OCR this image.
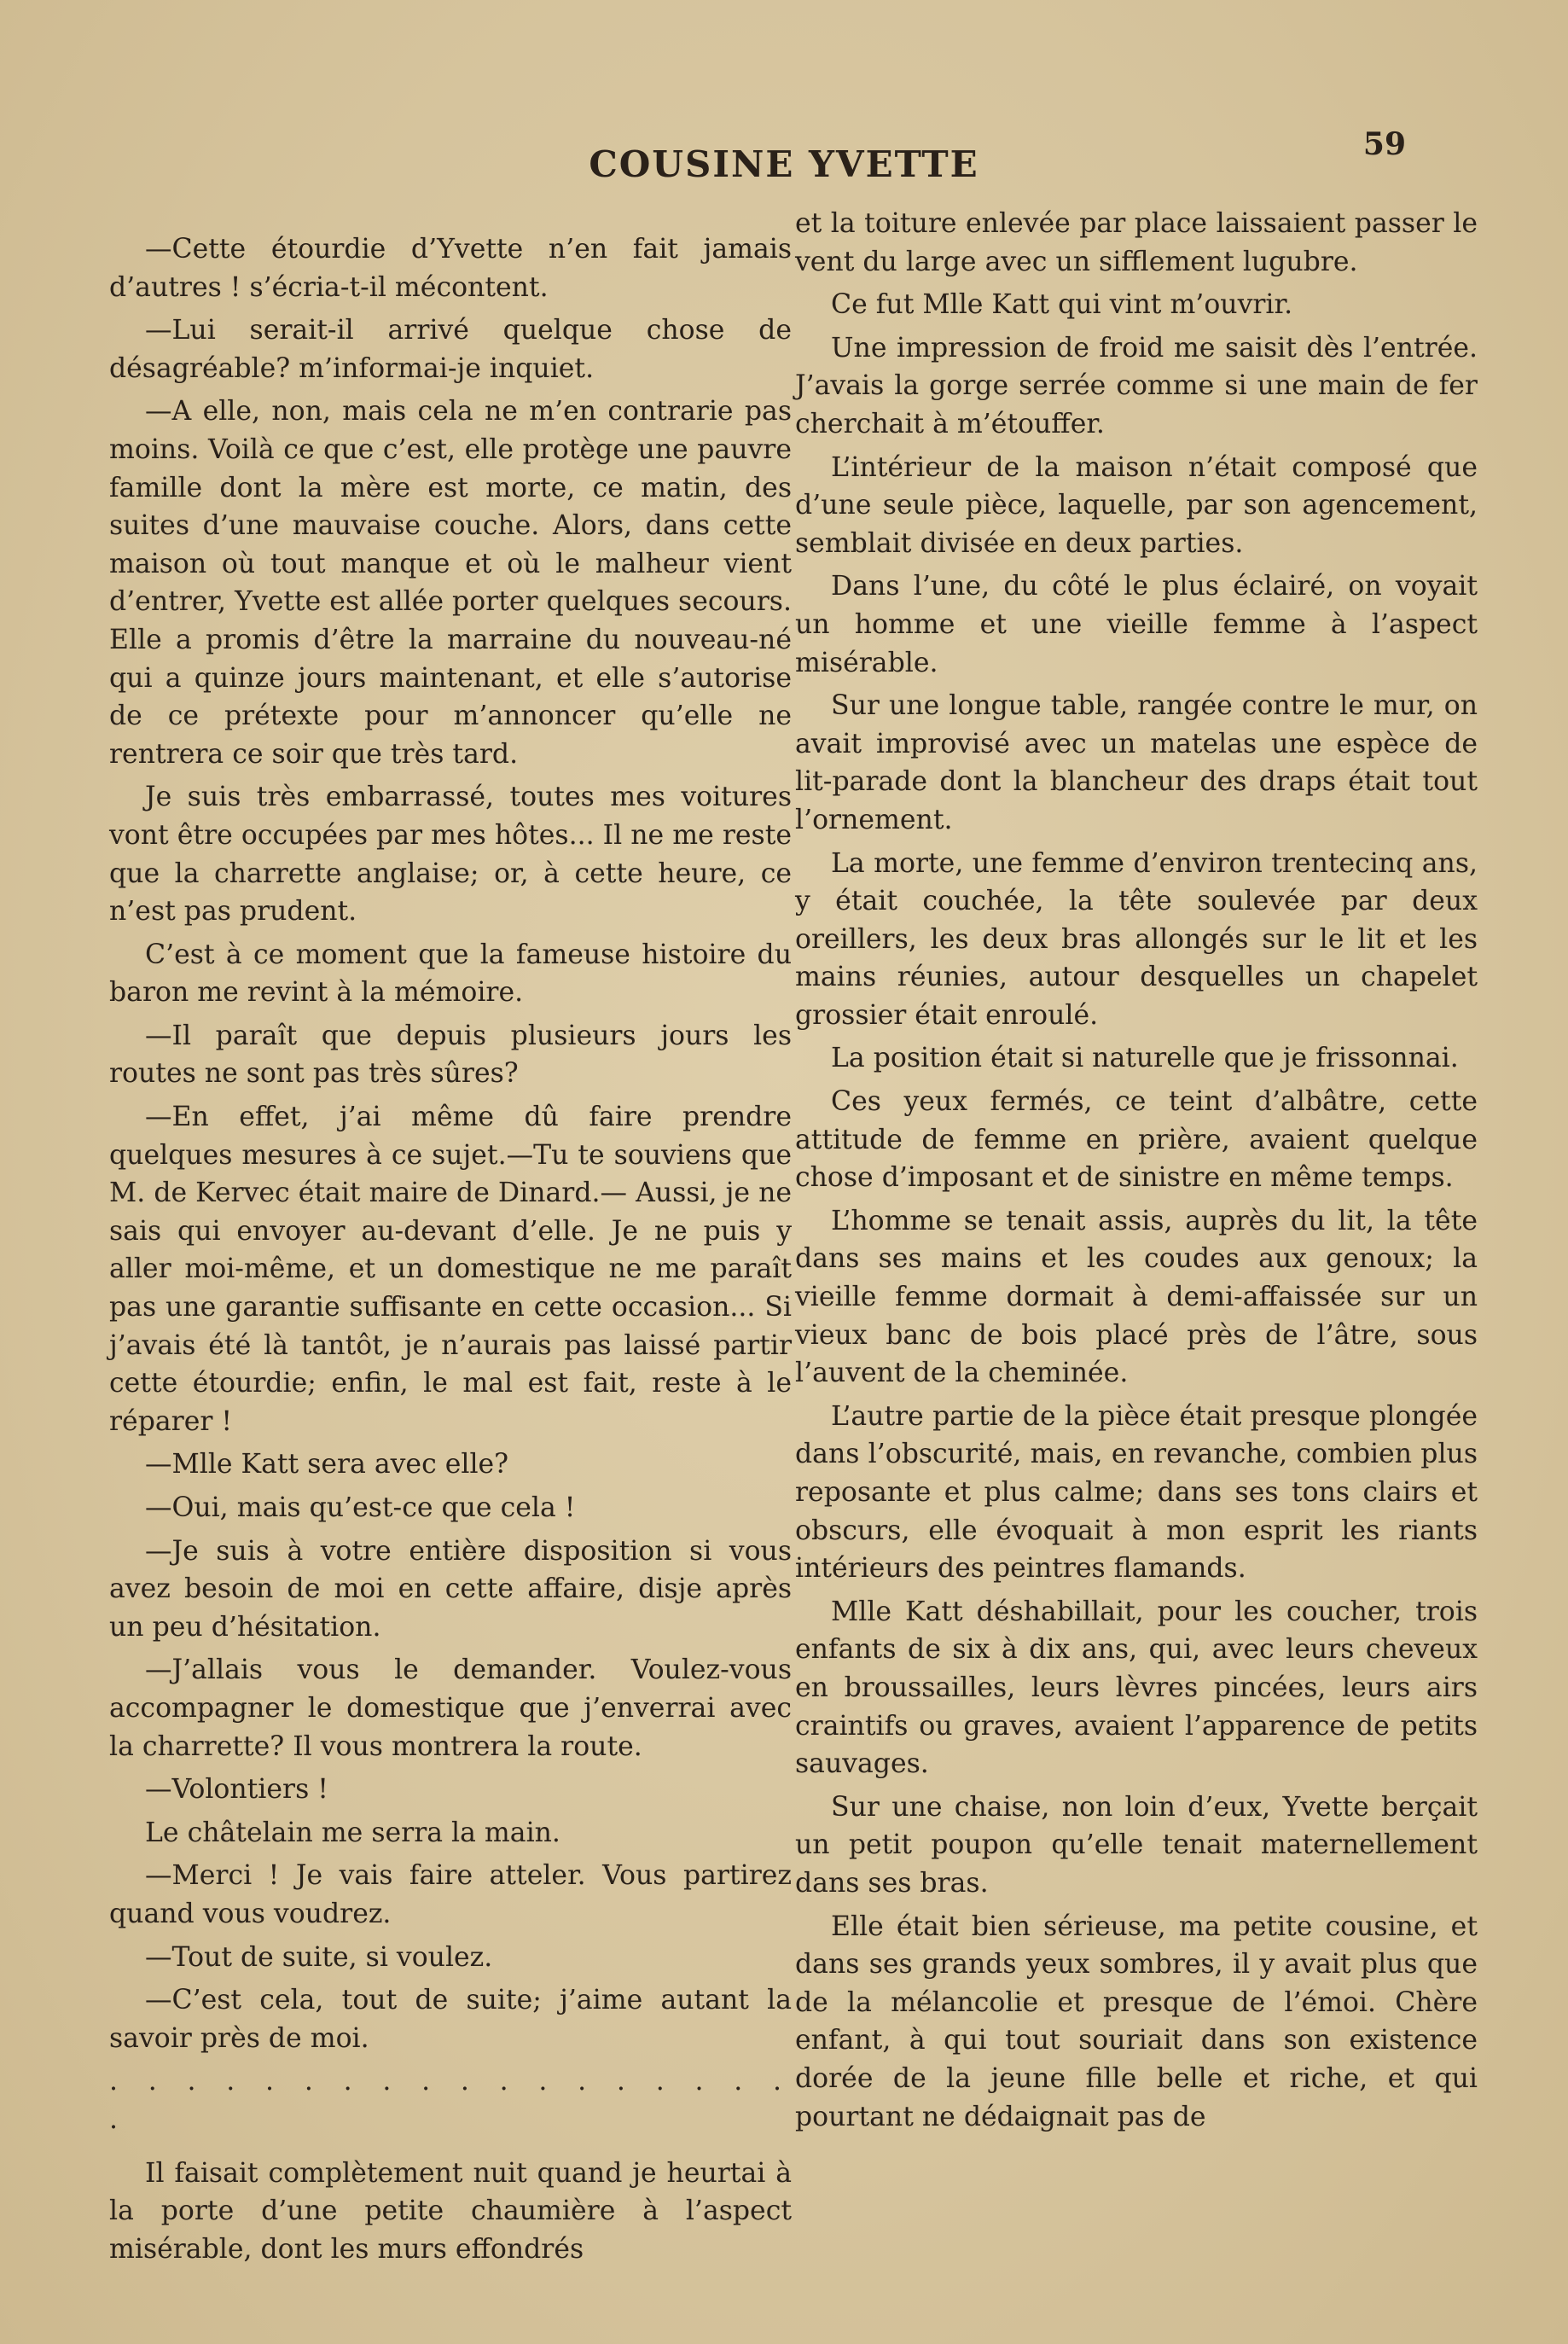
59
COUSINE YVETTE

—Cette étourdie d’Yvette n’en fait jamais d’autres ! s’écria-t-il mécontent.

—Lui serait-il arrivé quelque chose de désagréable? m’informai-je inquiet.

—A elle, non, mais cela ne m’en contrarie pas moins. Voilà ce que c’est, elle protège une pauvre famille dont la mère est morte, ce matin, des suites d’une mauvaise couche. Alors, dans cette maison où tout manque et où le malheur vient d’entrer, Yvette est allée porter quelques secours. Elle a promis d’être la marraine du nouveau-né qui a quinze jours maintenant, et elle s’autorise de ce prétexte pour m’annoncer qu’elle ne rentrera ce soir que très tard.

Je suis très embarrassé, toutes mes voitures vont être occupées par mes hôtes... Il ne me reste que la charrette anglaise; or, à cette heure, ce n’est pas prudent.

C’est à ce moment que la fameuse histoire du baron me revint à la mémoire.

—Il paraît que depuis plusieurs jours les routes ne sont pas très sûres?

—En effet, j’ai même dû faire prendre quelques mesures à ce sujet.—Tu te souviens que M. de Kervec était maire de Dinard.— Aussi, je ne sais qui envoyer au-devant d’elle. Je ne puis y aller moi-même, et un domestique ne me paraît pas une garantie suffisante en cette occasion... Si j’avais été là tantôt, je n’aurais pas laissé partir cette étourdie; enfin, le mal est fait, reste à le réparer !

—Mlle Katt sera avec elle?

—Oui, mais qu’est-ce que cela !

—Je suis à votre entière disposition si vous avez besoin de moi en cette affaire, disje après un peu d’hésitation.

—J’allais vous le demander. Voulez-vous accompagner le domestique que j’enverrai avec la charrette? Il vous montrera la route.

—Volontiers !

Le châtelain me serra la main.

—Merci ! Je vais faire atteler. Vous partirez quand vous voudrez.

—Tout de suite, si voulez.

—C’est cela, tout de suite; j’aime autant la savoir près de moi.

. . . . . . . . . . . . . . . . . . .

Il faisait complètement nuit quand je heurtai à la porte d’une petite chaumière à l’aspect misérable, dont les murs effondrés

et la toiture enlevée par place laissaient passer le vent du large avec un sifflement lugubre.

Ce fut Mlle Katt qui vint m’ouvrir.

Une impression de froid me saisit dès l’entrée. J’avais la gorge serrée comme si une main de fer cherchait à m’étouffer.

L’intérieur de la maison n’était composé que d’une seule pièce, laquelle, par son agencement, semblait divisée en deux parties.

Dans l’une, du côté le plus éclairé, on voyait un homme et une vieille femme à l’aspect misérable.

Sur une longue table, rangée contre le mur, on avait improvisé avec un matelas une espèce de lit-parade dont la blancheur des draps était tout l’ornement.

La morte, une femme d’environ trentecinq ans, y était couchée, la tête soulevée par deux oreillers, les deux bras allongés sur le lit et les mains réunies, autour desquelles un chapelet grossier était enroulé.

La position était si naturelle que je frissonnai.

Ces yeux fermés, ce teint d’albâtre, cette attitude de femme en prière, avaient quelque chose d’imposant et de sinistre en même temps.

L’homme se tenait assis, auprès du lit, la tête dans ses mains et les coudes aux genoux; la vieille femme dormait à demi-affaissée sur un vieux banc de bois placé près de l’âtre, sous l’auvent de la cheminée.

L’autre partie de la pièce était presque plongée dans l’obscurité, mais, en revanche, combien plus reposante et plus calme; dans ses tons clairs et obscurs, elle évoquait à mon esprit les riants intérieurs des peintres flamands.

Mlle Katt déshabillait, pour les coucher, trois enfants de six à dix ans, qui, avec leurs cheveux en broussailles, leurs lèvres pincées, leurs airs craintifs ou graves, avaient l’apparence de petits sauvages.

Sur une chaise, non loin d’eux, Yvette berçait un petit poupon qu’elle tenait maternellement dans ses bras.

Elle était bien sérieuse, ma petite cousine, et dans ses grands yeux sombres, il y avait plus que de la mélancolie et presque de l’émoi. Chère enfant, à qui tout souriait dans son existence dorée de la jeune fille belle et riche, et qui pourtant ne dédaignait pas de
